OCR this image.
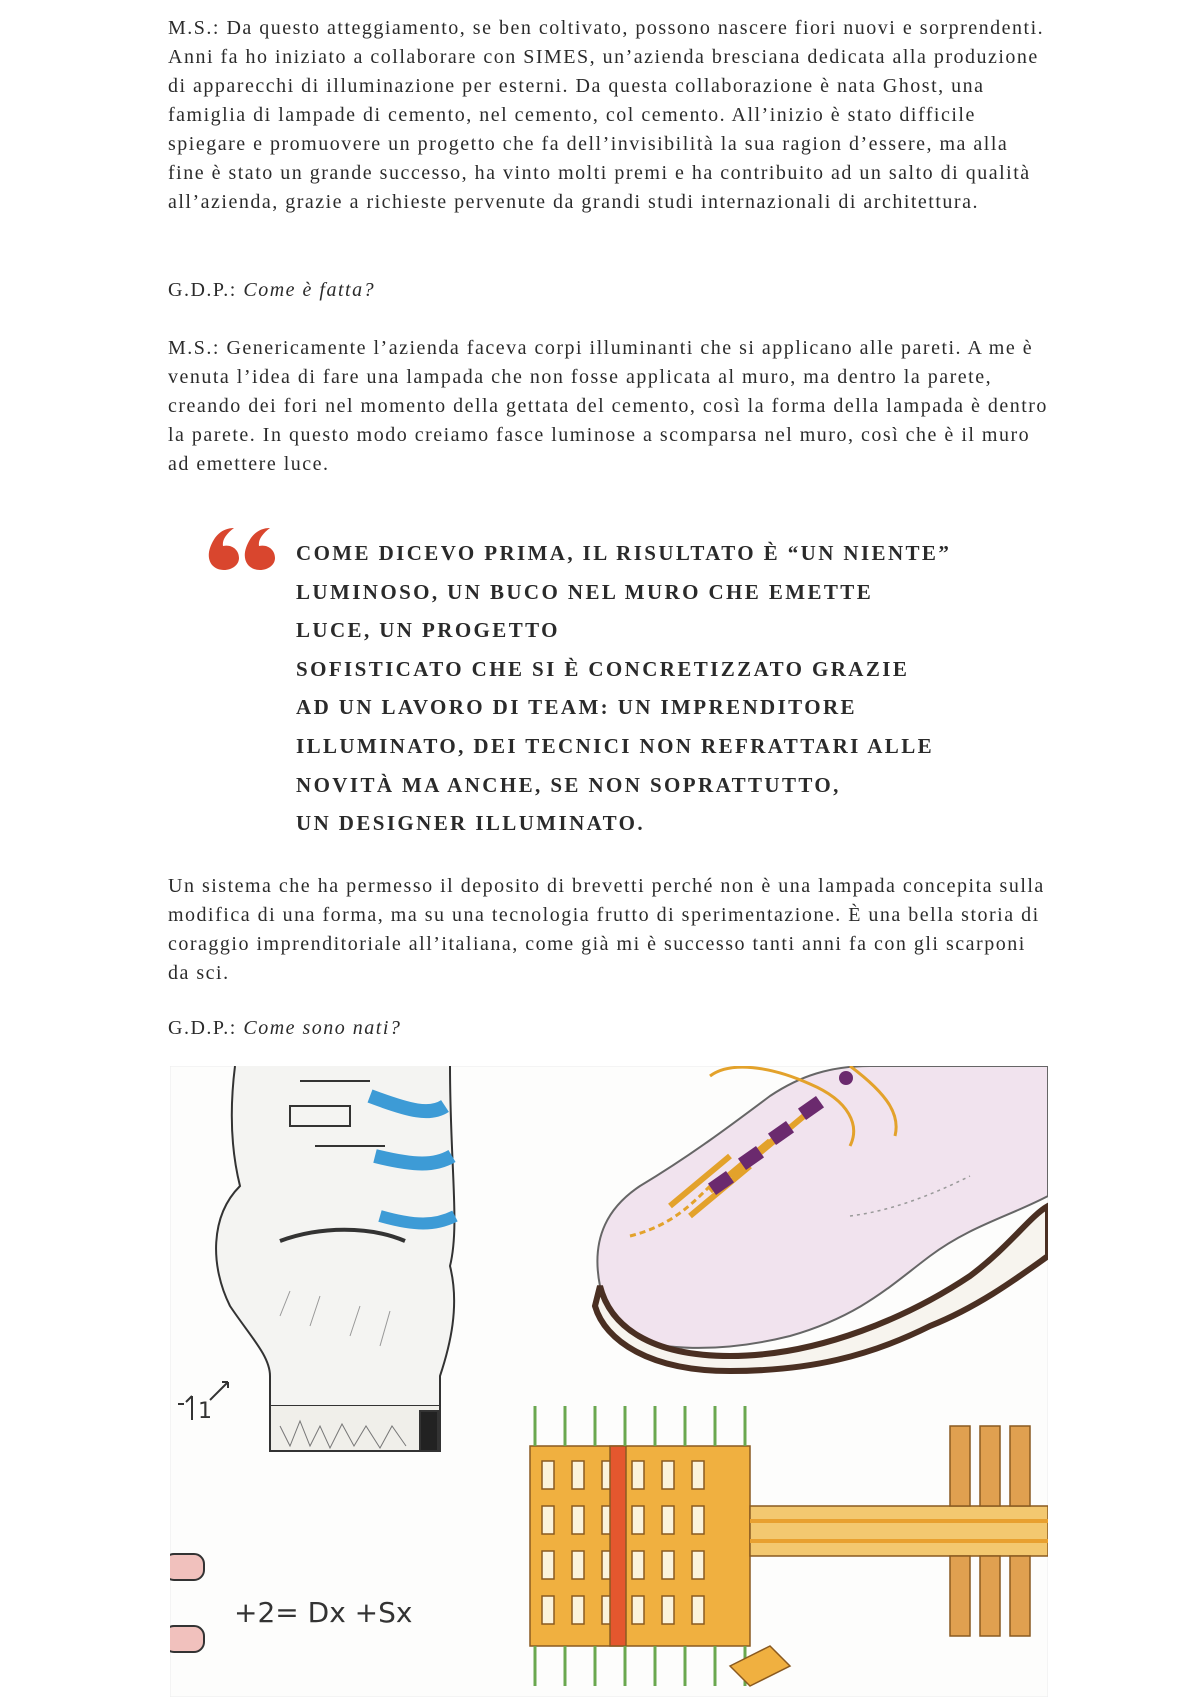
M.S.: Da questo atteggiamento, se ben coltivato, possono nascere fiori nuovi e sorprendenti. Anni fa ho iniziato a collaborare con SIMES, un’azienda bresciana dedicata alla produzione di apparecchi di illuminazione per esterni. Da questa collaborazione è nata Ghost, una famiglia di lampade di cemento, nel cemento, col cemento. All’inizio è stato difficile spiegare e promuovere un progetto che fa dell’invisibilità la sua ragion d’essere, ma alla fine è stato un grande successo, ha vinto molti premi e ha contribuito ad un salto di qualità all’azienda, grazie a richieste pervenute da grandi studi internazionali di architettura.

G.D.P.: Come è fatta?

M.S.: Genericamente l’azienda faceva corpi illuminanti che si applicano alle pareti. A me è venuta l’idea di fare una lampada che non fosse applicata al muro, ma dentro la parete, creando dei fori nel momento della gettata del cemento, così la forma della lampada è dentro la parete. In questo modo creiamo fasce luminose a scomparsa nel muro, così che è il muro ad emettere luce.

COME DICEVO PRIMA, IL RISULTATO È “UN NIENTE”
LUMINOSO, UN BUCO NEL MURO CHE EMETTE
LUCE, UN PROGETTO
SOFISTICATO CHE SI È CONCRETIZZATO GRAZIE
AD UN LAVORO DI TEAM: UN IMPRENDITORE
ILLUMINATO, DEI TECNICI NON REFRATTARI ALLE
NOVITÀ MA ANCHE, SE NON SOPRATTUTTO,
UN DESIGNER ILLUMINATO.

Un sistema che ha permesso il deposito di brevetti perché non è una lampada concepita sulla modifica di una forma, ma su una tecnologia frutto di sperimentazione. È una bella storia di coraggio imprenditoriale all’italiana, come già mi è successo tanti anni fa con gli scarponi da sci.

G.D.P.: Come sono nati?

1
+2= Dx +Sx
